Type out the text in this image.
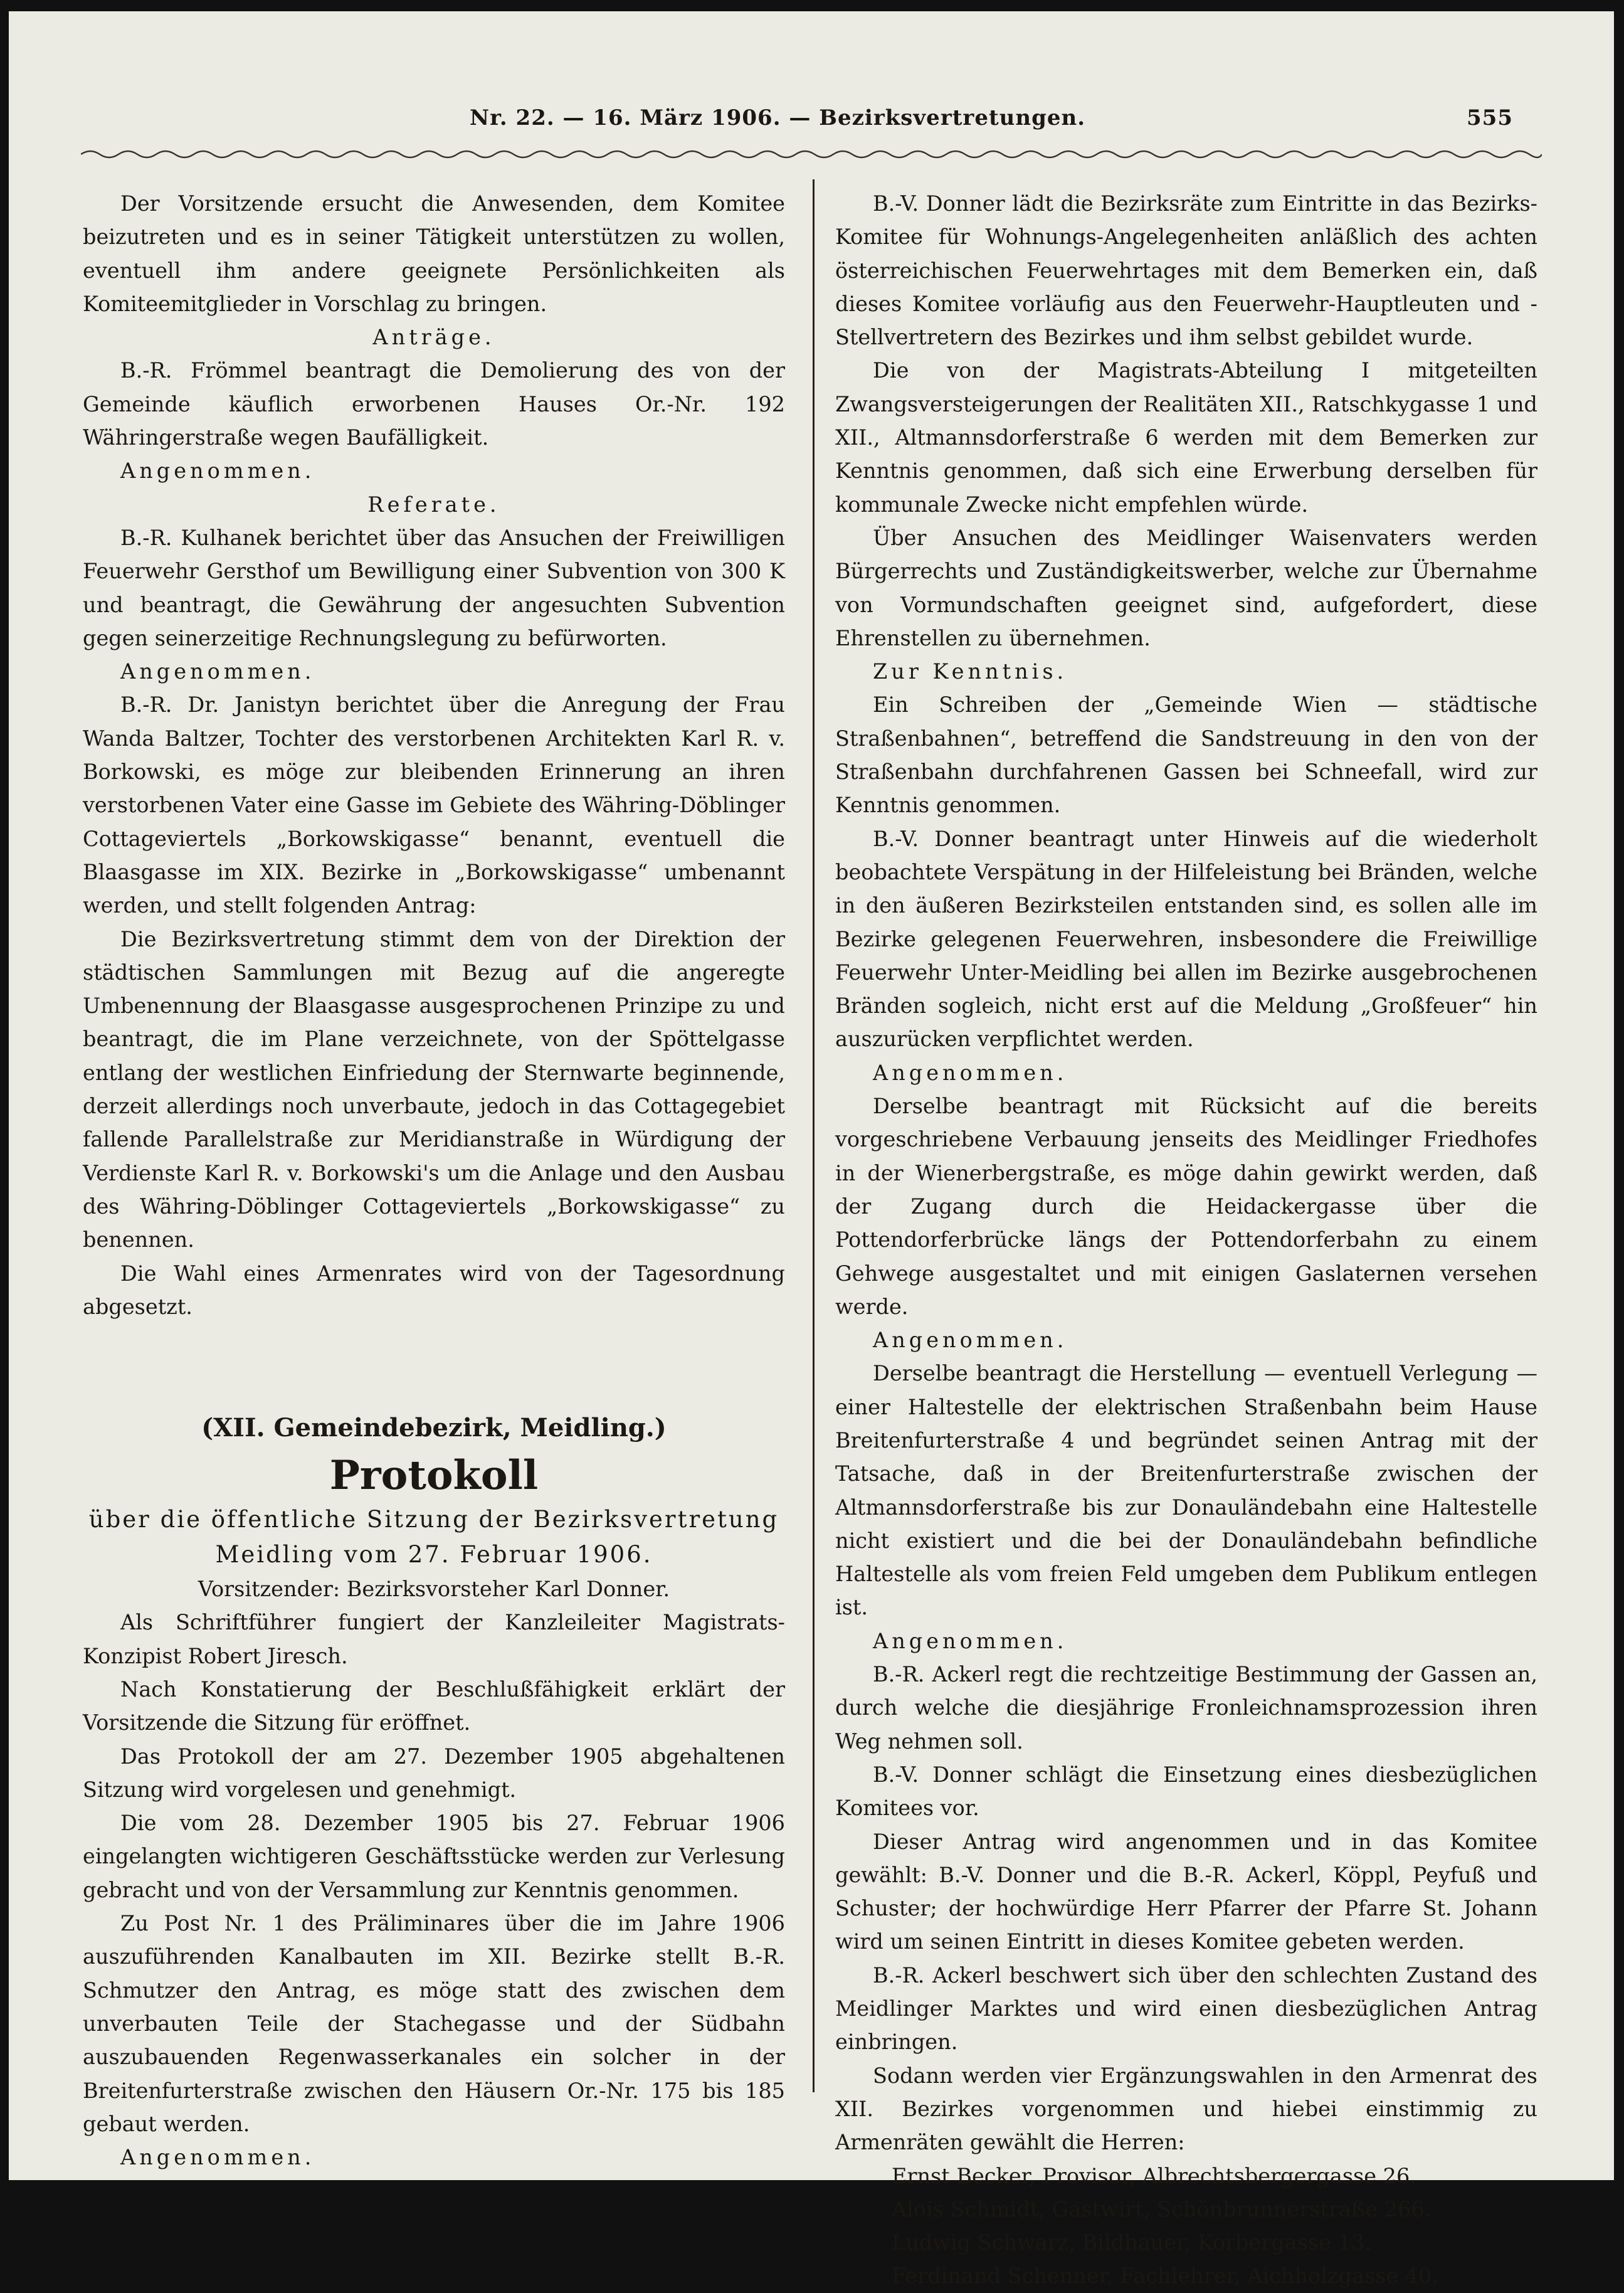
Nr. 22. — 16. März 1906. — Bezirksvertretungen.	555

Der Vorsitzende ersucht die Anwesenden, dem Komitee beizutreten und es in seiner Tätigkeit unterstützen zu wollen, eventuell ihm andere geeignete Persönlichkeiten als Komiteemitglieder in Vorschlag zu bringen.

Anträge.

B.-R. Frömmel beantragt die Demolierung des von der Gemeinde käuflich erworbenen Hauses Or.-Nr. 192 Währingerstraße wegen Baufälligkeit.

Angenommen.

Referate.

B.-R. Kulhanek berichtet über das Ansuchen der Freiwilligen Feuerwehr Gersthof um Bewilligung einer Subvention von 300 K und beantragt, die Gewährung der angesuchten Subvention gegen seinerzeitige Rechnungslegung zu befürworten.

Angenommen.

B.-R. Dr. Janistyn berichtet über die Anregung der Frau Wanda Baltzer, Tochter des verstorbenen Architekten Karl R. v. Borkowski, es möge zur bleibenden Erinnerung an ihren verstorbenen Vater eine Gasse im Gebiete des Währing-Döblinger Cottageviertels „Borkowskigasse“ benannt, eventuell die Blaasgasse im XIX. Bezirke in „Borkowskigasse“ umbenannt werden, und stellt folgenden Antrag:

Die Bezirksvertretung stimmt dem von der Direktion der städtischen Sammlungen mit Bezug auf die angeregte Umbenennung der Blaasgasse ausgesprochenen Prinzipe zu und beantragt, die im Plane verzeichnete, von der Spöttelgasse entlang der westlichen Einfriedung der Sternwarte beginnende, derzeit allerdings noch unverbaute, jedoch in das Cottagegebiet fallende Parallelstraße zur Meridianstraße in Würdigung der Verdienste Karl R. v. Borkowski's um die Anlage und den Ausbau des Währing-Döblinger Cottageviertels „Borkowskigasse“ zu benennen.

Die Wahl eines Armenrates wird von der Tagesordnung abgesetzt.

(XII. Gemeindebezirk, Meidling.)
Protokoll
über die öffentliche Sitzung der Bezirksvertretung
Meidling vom 27. Februar 1906.
Vorsitzender: Bezirksvorsteher Karl Donner.

Als Schriftführer fungiert der Kanzleileiter Magistrats-Konzipist Robert Jiresch.

Nach Konstatierung der Beschlußfähigkeit erklärt der Vorsitzende die Sitzung für eröffnet.

Das Protokoll der am 27. Dezember 1905 abgehaltenen Sitzung wird vorgelesen und genehmigt.

Die vom 28. Dezember 1905 bis 27. Februar 1906 eingelangten wichtigeren Geschäftsstücke werden zur Verlesung gebracht und von der Versammlung zur Kenntnis genommen.

Zu Post Nr. 1 des Präliminares über die im Jahre 1906 auszuführenden Kanalbauten im XII. Bezirke stellt B.-R. Schmutzer den Antrag, es möge statt des zwischen dem unverbauten Teile der Stachegasse und der Südbahn auszubauenden Regenwasserkanales ein solcher in der Breitenfurterstraße zwischen den Häusern Or.-Nr. 175 bis 185 gebaut werden.

Angenommen.

B.-V. Donner lädt die Bezirksräte zum Eintritte in das Bezirks-Komitee für Wohnungs-Angelegenheiten anläßlich des achten österreichischen Feuerwehrtages mit dem Bemerken ein, daß dieses Komitee vorläufig aus den Feuerwehr-Hauptleuten und -Stellvertretern des Bezirkes und ihm selbst gebildet wurde.

Die von der Magistrats-Abteilung I mitgeteilten Zwangsversteigerungen der Realitäten XII., Ratschkygasse 1 und XII., Altmannsdorferstraße 6 werden mit dem Bemerken zur Kenntnis genommen, daß sich eine Erwerbung derselben für kommunale Zwecke nicht empfehlen würde.

Über Ansuchen des Meidlinger Waisenvaters werden Bürgerrechts und Zuständigkeitswerber, welche zur Übernahme von Vormundschaften geeignet sind, aufgefordert, diese Ehrenstellen zu übernehmen.

Zur Kenntnis.

Ein Schreiben der „Gemeinde Wien — städtische Straßenbahnen“, betreffend die Sandstreuung in den von der Straßenbahn durchfahrenen Gassen bei Schneefall, wird zur Kenntnis genommen.

B.-V. Donner beantragt unter Hinweis auf die wiederholt beobachtete Verspätung in der Hilfeleistung bei Bränden, welche in den äußeren Bezirksteilen entstanden sind, es sollen alle im Bezirke gelegenen Feuerwehren, insbesondere die Freiwillige Feuerwehr Unter-Meidling bei allen im Bezirke ausgebrochenen Bränden sogleich, nicht erst auf die Meldung „Großfeuer“ hin auszurücken verpflichtet werden.

Angenommen.

Derselbe beantragt mit Rücksicht auf die bereits vorgeschriebene Verbauung jenseits des Meidlinger Friedhofes in der Wienerbergstraße, es möge dahin gewirkt werden, daß der Zugang durch die Heidackergasse über die Pottendorferbrücke längs der Pottendorferbahn zu einem Gehwege ausgestaltet und mit einigen Gaslaternen versehen werde.

Angenommen.

Derselbe beantragt die Herstellung — eventuell Verlegung — einer Haltestelle der elektrischen Straßenbahn beim Hause Breitenfurterstraße 4 und begründet seinen Antrag mit der Tatsache, daß in der Breitenfurterstraße zwischen der Altmannsdorferstraße bis zur Donauländebahn eine Haltestelle nicht existiert und die bei der Donauländebahn befindliche Haltestelle als vom freien Feld umgeben dem Publikum entlegen ist.

Angenommen.

B.-R. Ackerl regt die rechtzeitige Bestimmung der Gassen an, durch welche die diesjährige Fronleichnamsprozession ihren Weg nehmen soll.

B.-V. Donner schlägt die Einsetzung eines diesbezüglichen Komitees vor.

Dieser Antrag wird angenommen und in das Komitee gewählt: B.-V. Donner und die B.-R. Ackerl, Köppl, Peyfuß und Schuster; der hochwürdige Herr Pfarrer der Pfarre St. Johann wird um seinen Eintritt in dieses Komitee gebeten werden.

B.-R. Ackerl beschwert sich über den schlechten Zustand des Meidlinger Marktes und wird einen diesbezüglichen Antrag einbringen.

Sodann werden vier Ergänzungswahlen in den Armenrat des XII. Bezirkes vorgenommen und hiebei einstimmig zu Armenräten gewählt die Herren:

Ernst Becker, Provisor, Albrechtsbergergasse 26.

Alois Schmidt, Gastwirt, Schönbrunnerstraße 266.

Ludwig Schwarz, Bildhauer, Korbergasse 13.

Ferdinand Schenner, Fachlehrer, Aichholzgasse 40.
